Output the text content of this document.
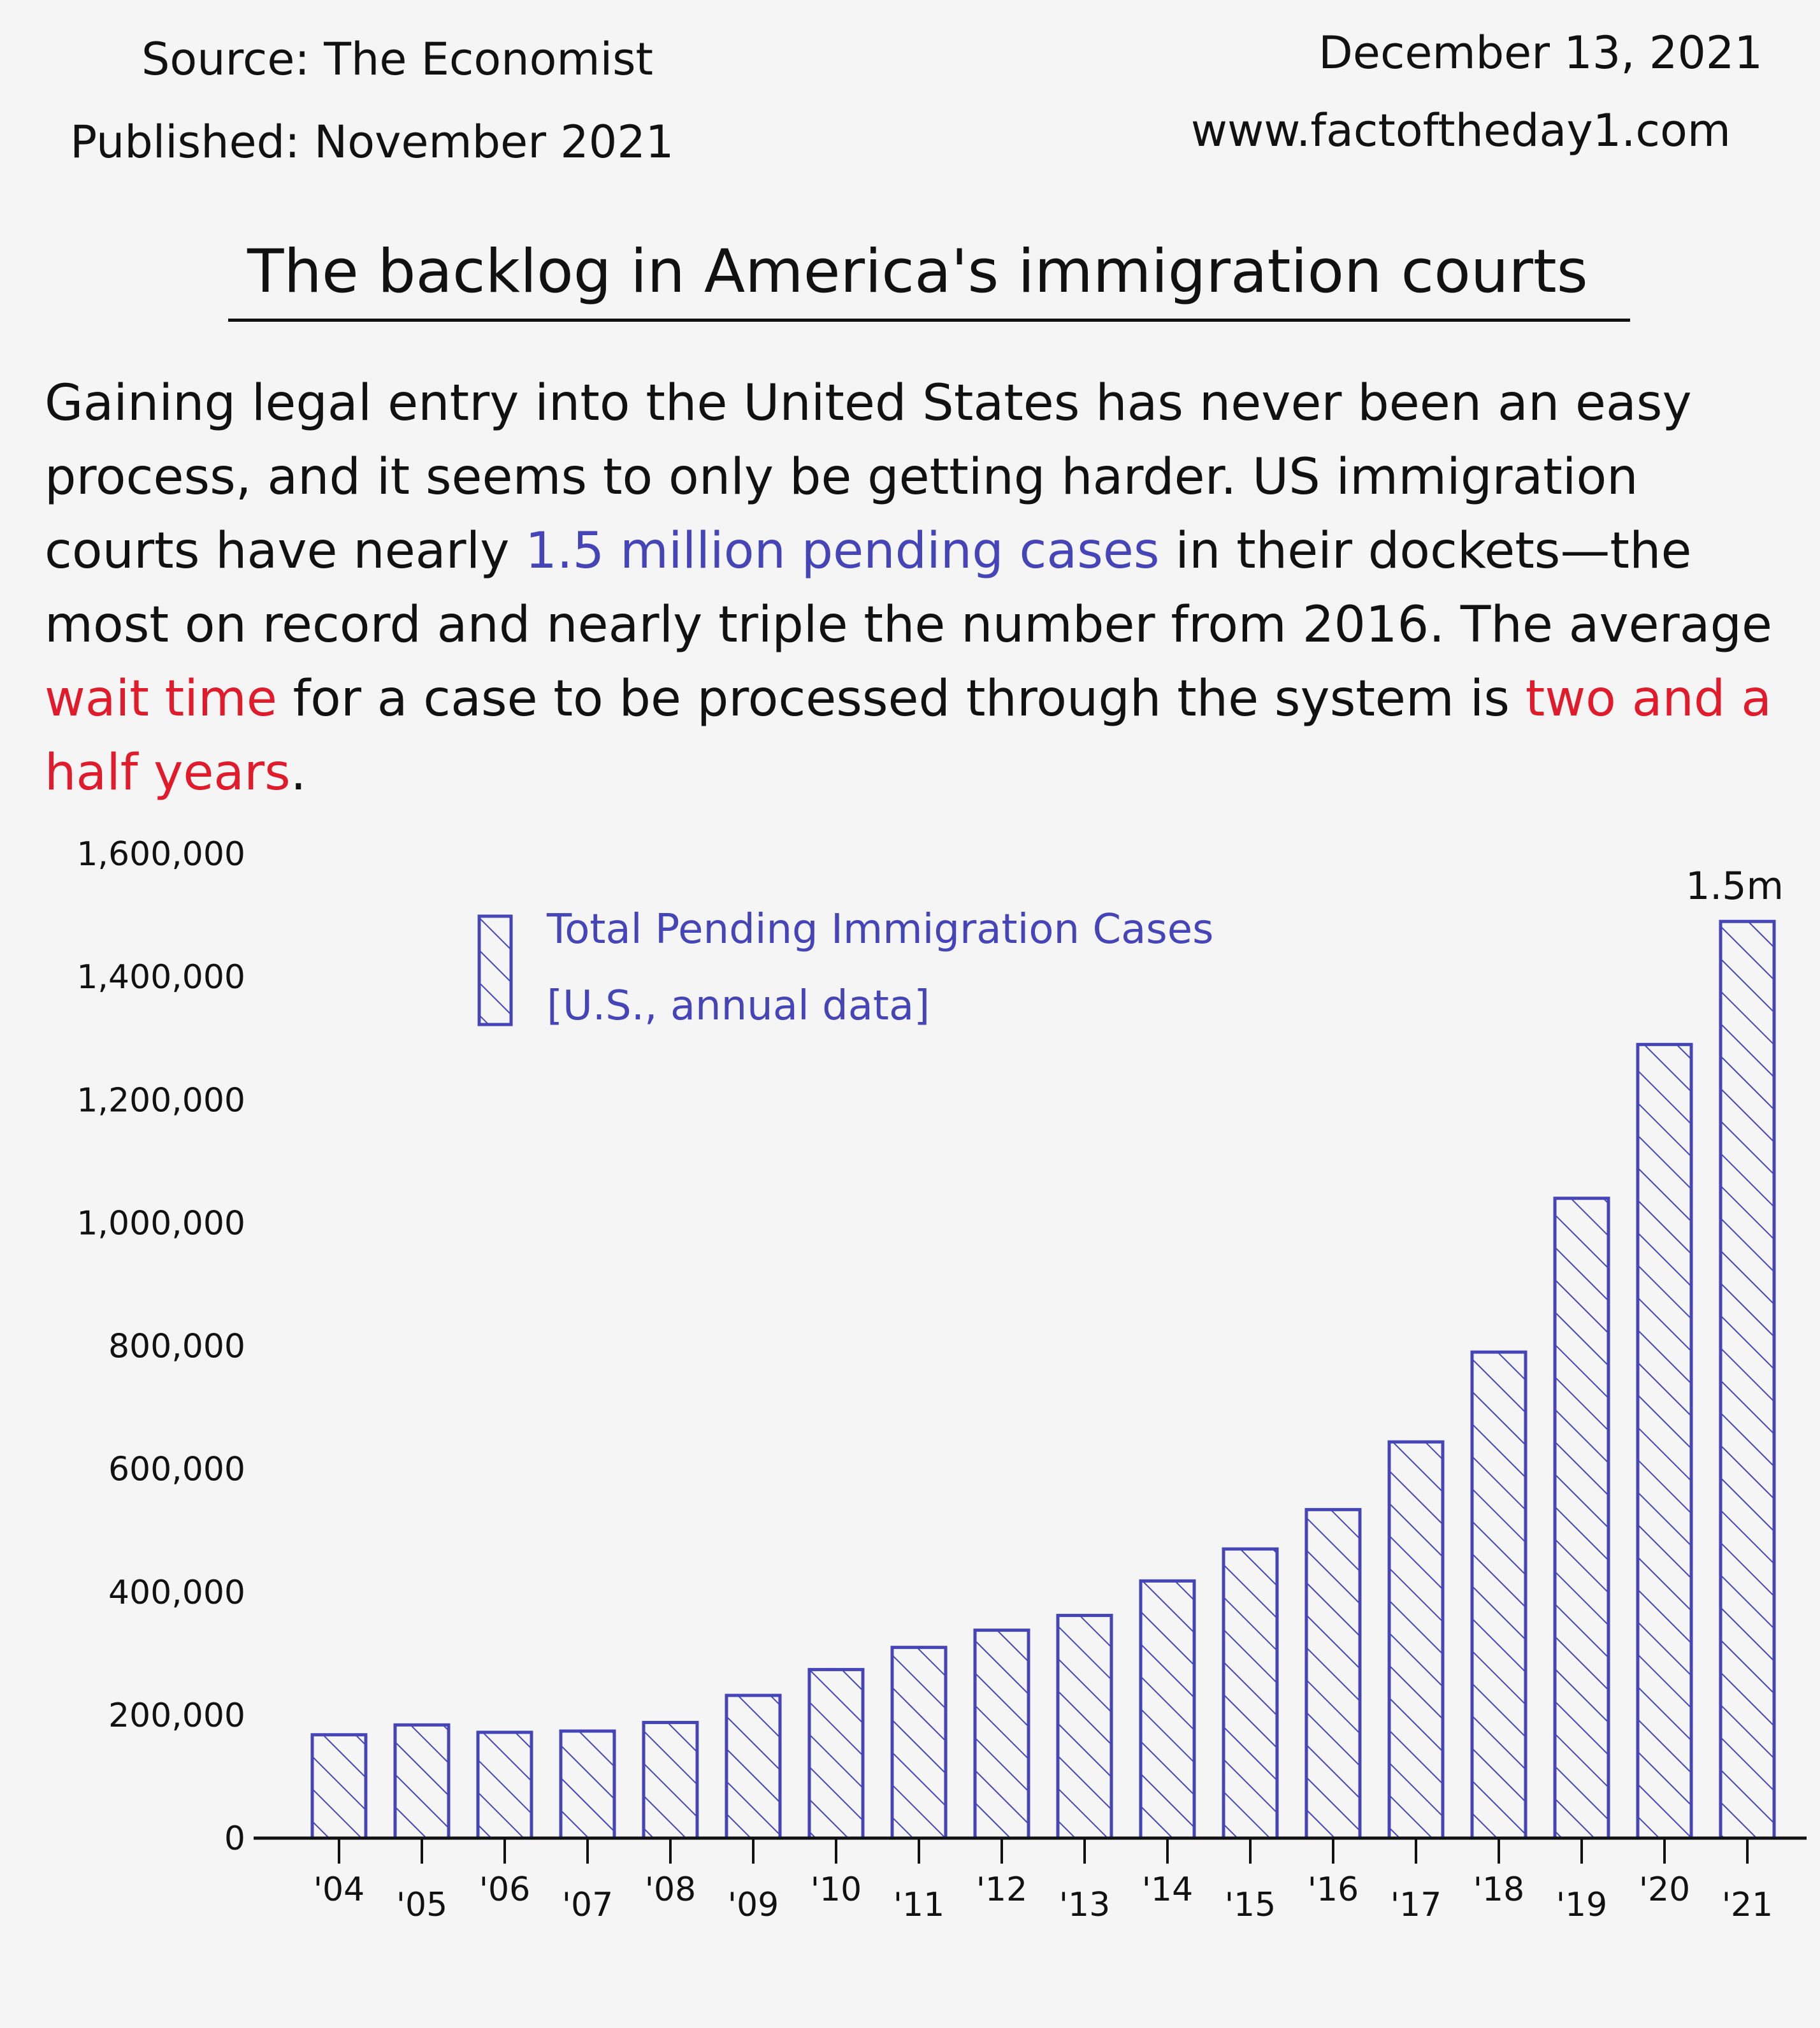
Source: The Economist
Published: November 2021
December 13, 2021
www.factoftheday1.com
The backlog in America's immigration courts
Gaining legal entry into the United States has never been an easy process, and it seems to only be getting harder. US immigration courts have nearly 1.5 million pending cases in their dockets—the most on record and nearly triple the number from 2016. The average wait time for a case to be processed through the system is two and a half years.
0
200,000
400,000
600,000
800,000
1,000,000
1,200,000
1,400,000
1,600,000
'04 '05 '06 '07 '08 '09 '10 '11 '12 '13 '14 '15 '16 '17 '18 '19 '20 '21
Total Pending Immigration Cases
[U.S., annual data]
1.5m
